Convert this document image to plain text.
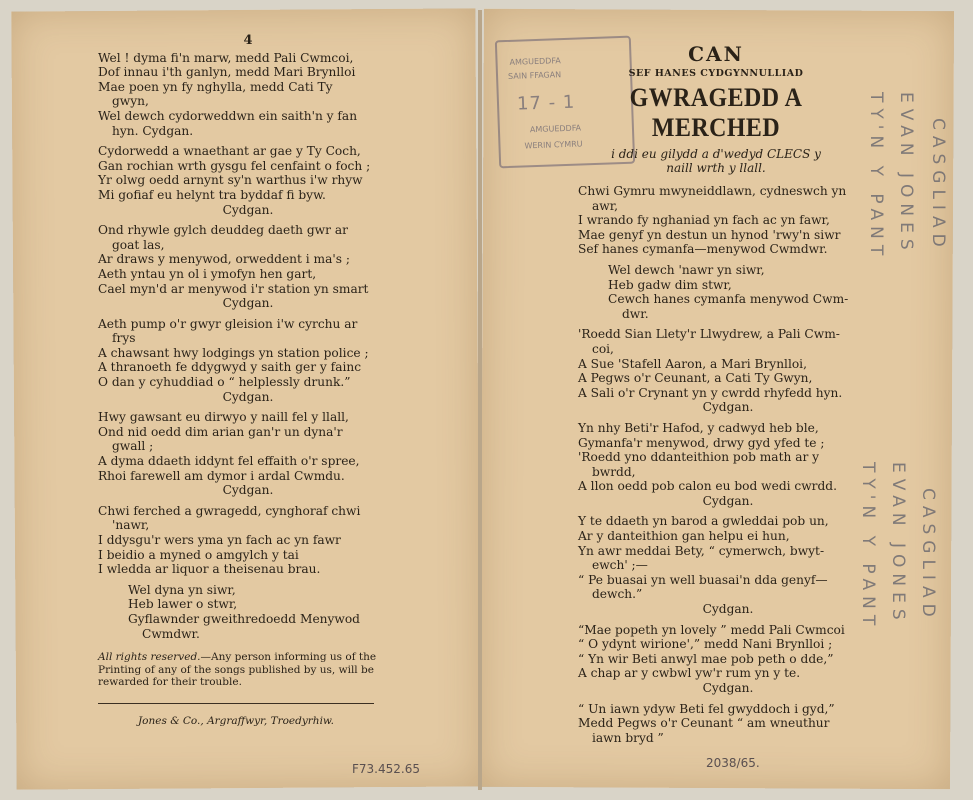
4
Wel ! dyma fi'n marw, medd Pali Cwmcoi,
Dof innau i'th ganlyn, medd Mari Brynlloi
Mae poen yn fy nghylla, medd Cati Ty
gwyn,
Wel dewch cydorweddwn ein saith'n y fan
hyn. Cydgan.
Cydorwedd a wnaethant ar gae y Ty Coch,
Gan rochian wrth gysgu fel cenfaint o foch ;
Yr olwg oedd arnynt sy'n warthus i'w rhyw
Mi gofiaf eu helynt tra byddaf fi byw.
Cydgan.
Ond rhywle gylch deuddeg daeth gwr ar
goat las,
Ar draws y menywod, orweddent i ma's ;
Aeth yntau yn ol i ymofyn hen gart,
Cael myn'd ar menywod i'r station yn smart
Cydgan.
Aeth pump o'r gwyr gleision i'w cyrchu ar
frys
A chawsant hwy lodgings yn station police ;
A thranoeth fe ddygwyd y saith ger y fainc
O dan y cyhuddiad o “ helplessly drunk.”
Cydgan.
Hwy gawsant eu dirwyo y naill fel y llall,
Ond nid oedd dim arian gan'r un dyna'r
gwall ;
A dyma ddaeth iddynt fel effaith o'r spree,
Rhoi farewell am dymor i ardal Cwmdu.
Cydgan.
Chwi ferched a gwragedd, cynghoraf chwi
'nawr,
I ddysgu'r wers yma yn fach ac yn fawr
I beidio a myned o amgylch y tai
I wledda ar liquor a theisenau brau.
Wel dyna yn siwr,
Heb lawer o stwr,
Gyflawnder gweithredoedd Menywod
Cwmdwr.
All rights reserved.—Any person informing us of the Printing of any of the songs published by us, will be rewarded for their trouble.
Jones & Co., Argraffwyr, Troedyrhiw.
AMGUEDDFA
SAIN FFAGAN
17 - 1
AMGUEDDFA
WERIN CYMRU
CAN
SEF HANES CYDGYNNULLIAD
GWRAGEDD A MERCHED
i ddi eu gilydd a d'wedyd CLECS y
naill wrth y llall.
Chwi Gymru mwyneiddlawn, cydneswch yn
awr,
I wrando fy nghaniad yn fach ac yn fawr,
Mae genyf yn destun un hynod 'rwy'n siwr
Sef hanes cymanfa—menywod Cwmdwr.
Wel dewch 'nawr yn siwr,
Heb gadw dim stwr,
Cewch hanes cymanfa menywod Cwm-
dwr.
'Roedd Sian Llety'r Llwydrew, a Pali Cwm-
coi,
A Sue 'Stafell Aaron, a Mari Brynlloi,
A Pegws o'r Ceunant, a Cati Ty Gwyn,
A Sali o'r Crynant yn y cwrdd rhyfedd hyn.
Cydgan.
Yn nhy Beti'r Hafod, y cadwyd heb ble,
Gymanfa'r menywod, drwy gyd yfed te ;
'Roedd yno ddanteithion pob math ar y
bwrdd,
A llon oedd pob calon eu bod wedi cwrdd.
Cydgan.
Y te ddaeth yn barod a gwleddai pob un,
Ar y danteithion gan helpu ei hun,
Yn awr meddai Bety, “ cymerwch, bwyt-
ewch' ;—
“ Pe buasai yn well buasai'n dda genyf—
dewch.”
Cydgan.
“Mae popeth yn lovely ” medd Pali Cwmcoi
“ O ydynt wirione',” medd Nani Brynlloi ;
“ Yn wir Beti anwyl mae pob peth o dde,”
A chap ar y cwbwl yw'r rum yn y te.
Cydgan.
“ Un iawn ydyw Beti fel gwyddoch i gyd,”
Medd Pegws o'r Ceunant “ am wneuthur
iawn bryd ”
CASGLIAD
EVAN JONES
TY'N Y PANT
CASGLIAD
EVAN JONES
TY'N Y PANT
F73.452.65	2038/65.
